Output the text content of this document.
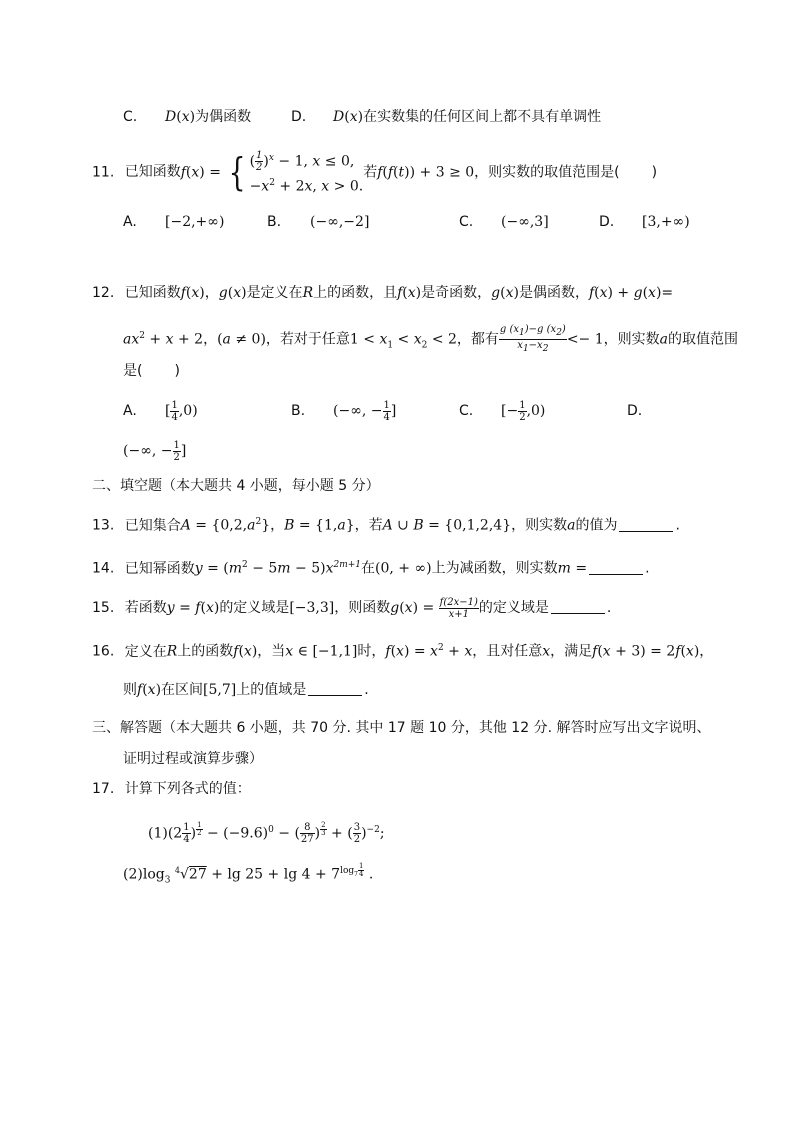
C. D(x)为偶函数	D. D(x)在实数集的任何区间上都不具有单调性
11. 已知函数f(x) = { ( $\frac{1}{2} )^x - 1$, x ≤ 0,
$-x^2 + 2x$, x > 0.
若f(f(t)) + 3 ≥ 0，则实数的取值范围是( )
A. [−2,+∞)	B. (−∞,−2]	C. (−∞,3]	D. [3,+∞)
12. 已知函数f(x)，g(x)是定义在R上的函数，且f(x)是奇函数，g(x)是偶函数，f(x) + g(x)=
$ax^2 + x + 2$，(a ≠ 0)，若对于任意$1 < x_1 < x_2 < 2$，都有 $\frac{g (x_1)-g (x_2)}{x_1-x_2} <- 1$，则实数a的取值范围
是( )
A. [ $\frac{1}{4} ,0$)	B. (−∞, − $\frac{1}{4}$ ]	C. [− $\frac{1}{2} ,0$)	D.
(−∞, − $\frac{1}{2}$ ]
二、填空题（本大题共 4 小题，每小题 5 分）
13. 已知集合$A = \{0,2,a^2\}$，B = {1,a}，若A ∪ B = {0,1,2,4}，则实数a的值为	.
14. 已知幂函数$y = (m^2 - 5m - 5)x^{2m+1}$在(0, + ∞)上为减函数，则实数m =	.
15. 若函数y = f(x)的定义域是[−3,3]，则函数$g(x) = \frac{f(2x-1)}{x+1}$ 的定义域是	.
16. 定义在R上的函数f(x)，当x ∈ [−1,1]时，$f(x) = x^2 + x$，且对任意x，满足f(x + 3) = 2f(x)，
则f(x)在区间[5,7]上的值域是	.
三、解答题（本大题共 6 小题，共 70 分. 其中 17 题 10 分，其他 12 分. 解答时应写出文字说明、
证明过程或演算步骤）
17. 计算下列各式的值：
$(1)(2 \frac{1}{4}$ ) $^{\frac{1}{2}} - (-9.6)^0$ − ( $\frac{8}{27}$ ) $^{\frac{2}{3}}$ + ( $\frac{3}{2} )^{-2}$;
$(2)\log_3$ $^4√27 + \lg 25 + \lg 4 + 7^{log_7 \frac{1}{4}}$ .
